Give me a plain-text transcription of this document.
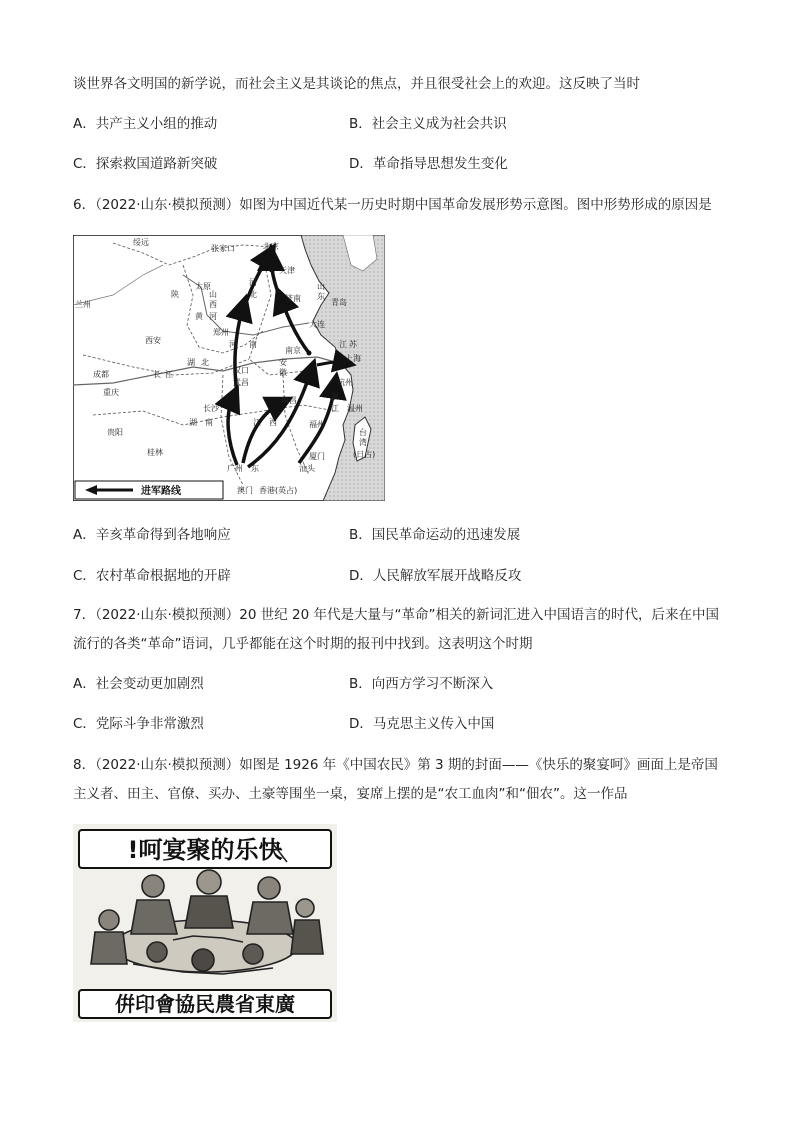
谈世界各文明国的新学说，而社会主义是其谈论的焦点，并且很受社会上的欢迎。这反映了当时
A．共产主义小组的推动	B．社会主义成为社会共识
C．探索救国道路新突破	D．革命指导思想发生变化
6．（2022·山东·模拟预测）如图为中国近代某一历史时期中国革命发展形势示意图。图中形势形成的原因是
张家口	北京
天津
绥远
太原
陕	山
西
河
北
黄 河
济南
山
东
兰州
西安
郑州
河 南
南京
安
徽
江 苏
上海
湖 北
长 江	汉口
武昌
成都
重庆
长沙
南昌
江 西
浙
江
杭州
温州
贵阳
湖 南	福州
桂林
广州 东
厦门
汕头
台
湾
(日占)
澳门 香港(英占)
青岛
大连
进军路线
A．辛亥革命得到各地响应	B．国民革命运动的迅速发展
C．农村革命根据地的开辟	D．人民解放军展开战略反攻
7．（2022·山东·模拟预测）20 世纪 20 年代是大量与“革命”相关的新词汇进入中国语言的时代，后来在中国
流行的各类“革命”语词，几乎都能在这个时期的报刊中找到。这表明这个时期
A．社会变动更加剧烈	B．向西方学习不断深入
C．党际斗争非常激烈	D．马克思主义传入中国
8．（2022·山东·模拟预测）如图是 1926 年《中国农民》第 3 期的封面——《快乐的聚宴呵》画面上是帝国
主义者、田主、官僚、买办、土豪等围坐一桌，宴席上摆的是“农工血肉”和“佃农”。这一作品
!呵宴聚的乐快
倂印會協民農省東廣
